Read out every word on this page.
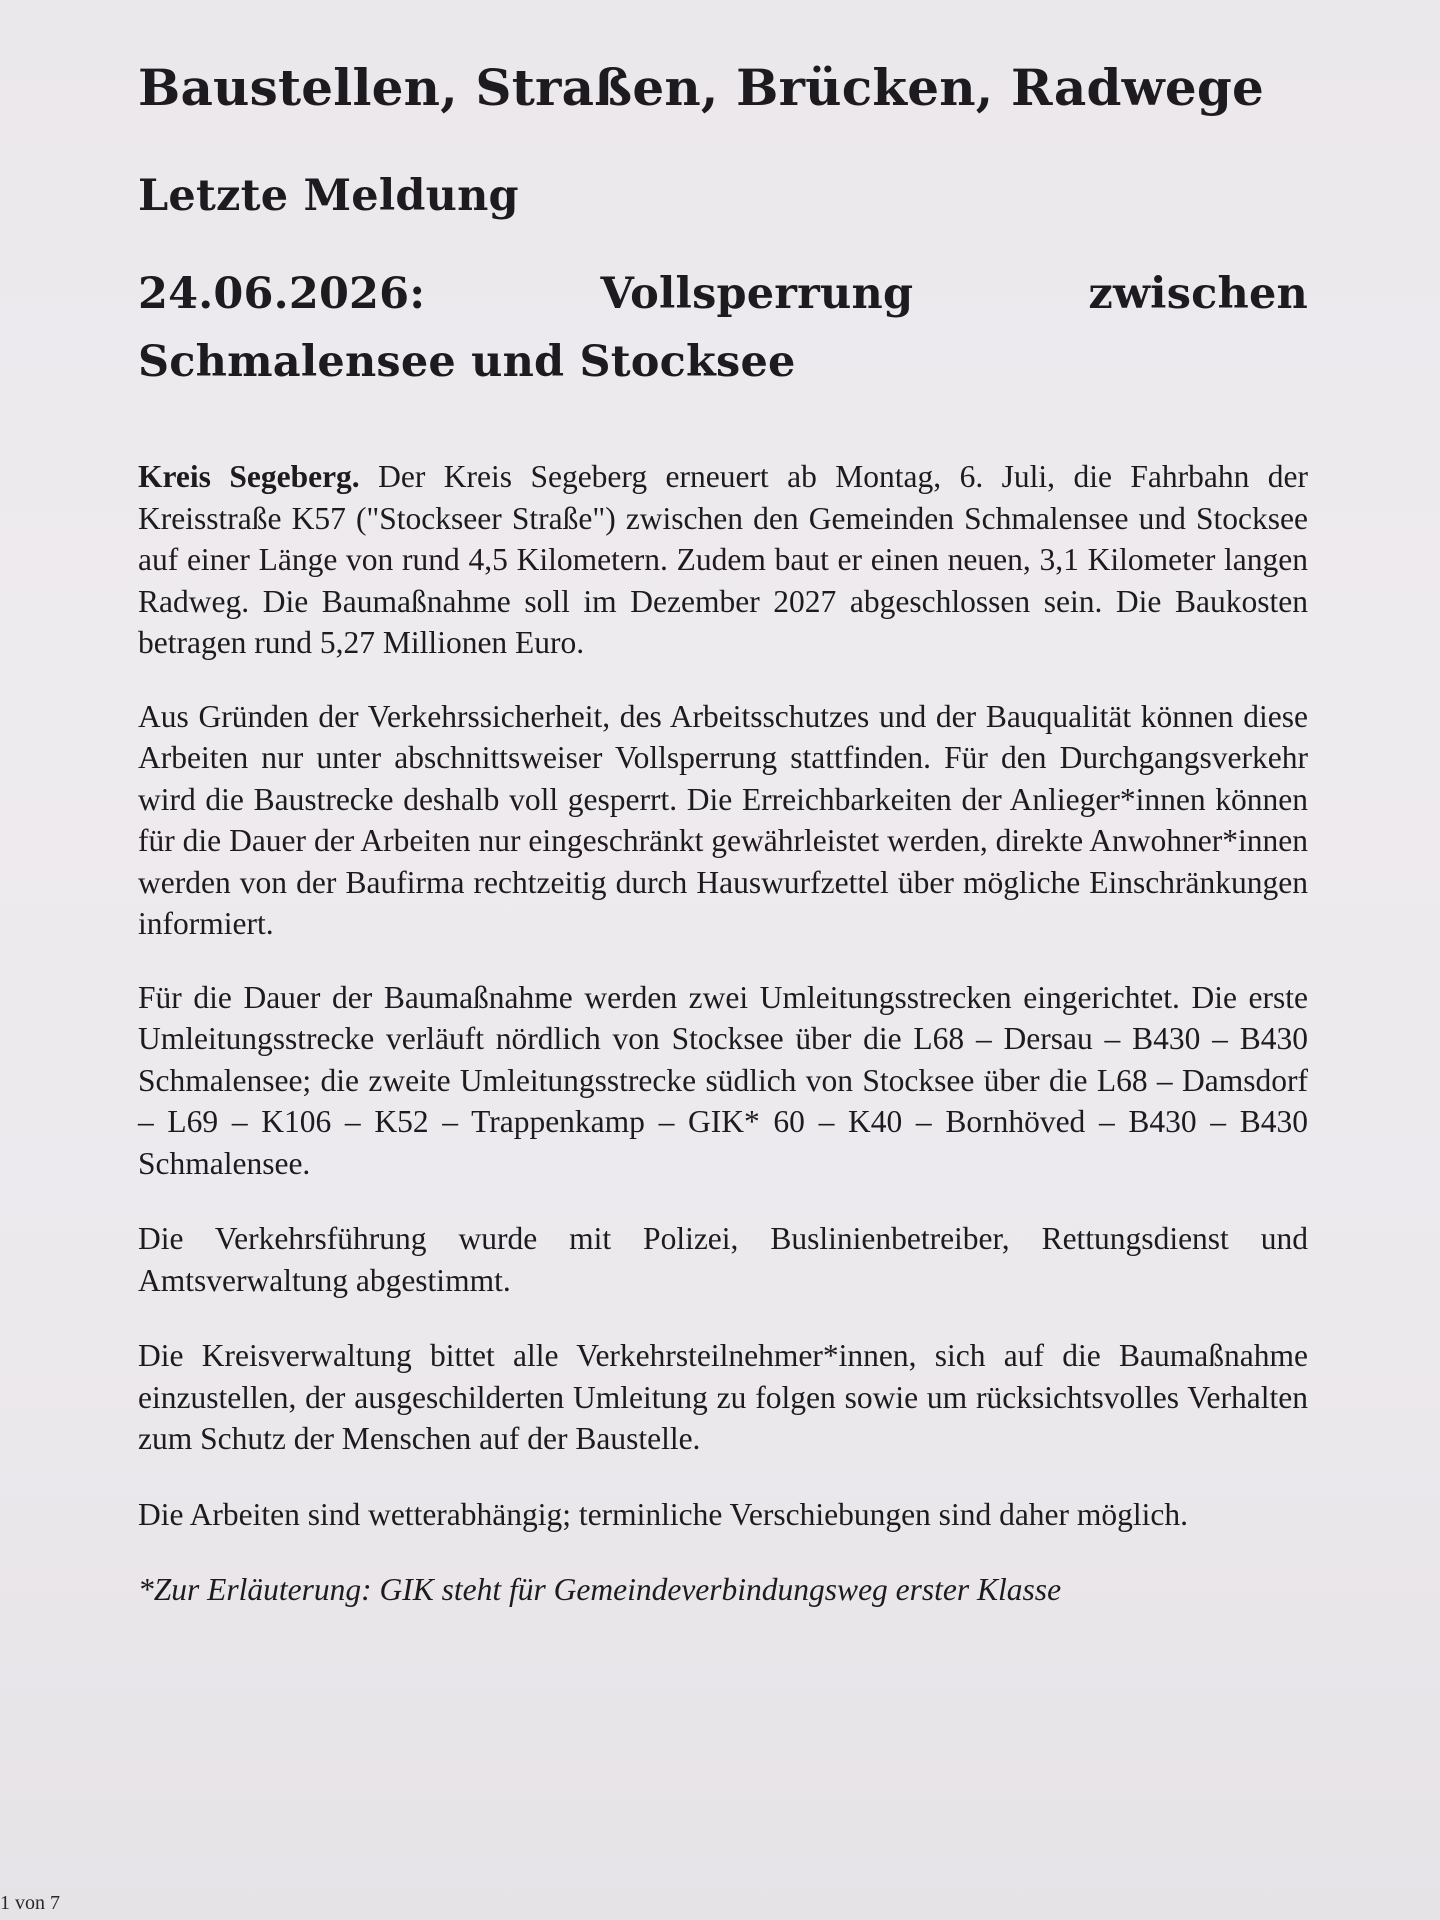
Baustellen, Straßen, Brücken, Radwege
Letzte Meldung
24.06.2026: Vollsperrung zwischen Schmalensee und Stocksee

Kreis Segeberg. Der Kreis Segeberg erneuert ab Montag, 6. Juli, die Fahrbahn der Kreisstraße K57 ("Stockseer Straße") zwischen den Gemeinden Schmalensee und Stocksee auf einer Länge von rund 4,5 Kilometern. Zudem baut er einen neuen, 3,1 Kilometer langen Radweg. Die Baumaßnahme soll im Dezember 2027 abgeschlossen sein. Die Baukosten betragen rund 5,27 Millionen Euro.

Aus Gründen der Verkehrssicherheit, des Arbeitsschutzes und der Bauqualität können diese Arbeiten nur unter abschnittsweiser Vollsperrung stattfinden. Für den Durchgangsverkehr wird die Baustrecke deshalb voll gesperrt. Die Erreichbarkeiten der Anlieger*innen können für die Dauer der Arbeiten nur eingeschränkt gewährleistet werden, direkte Anwohner*innen werden von der Baufirma rechtzeitig durch Hauswurfzettel über mögliche Einschränkungen informiert.

Für die Dauer der Baumaßnahme werden zwei Umleitungsstrecken eingerichtet. Die erste Umleitungsstrecke verläuft nördlich von Stocksee über die L68 – Dersau – B430 – B430 Schmalensee; die zweite Umleitungsstrecke südlich von Stocksee über die L68 – Damsdorf – L69 – K106 – K52 – Trappenkamp – GIK* 60 – K40 – Bornhöved – B430 – B430 Schmalensee.

Die Verkehrsführung wurde mit Polizei, Buslinienbetreiber, Rettungsdienst und Amtsverwaltung abgestimmt.

Die Kreisverwaltung bittet alle Verkehrsteilnehmer*innen, sich auf die Baumaßnahme einzustellen, der ausgeschilderten Umleitung zu folgen sowie um rücksichtsvolles Verhalten zum Schutz der Menschen auf der Baustelle.

Die Arbeiten sind wetterabhängig; terminliche Verschiebungen sind daher möglich.

*Zur Erläuterung: GIK steht für Gemeindeverbindungsweg erster Klasse

1 von 7
